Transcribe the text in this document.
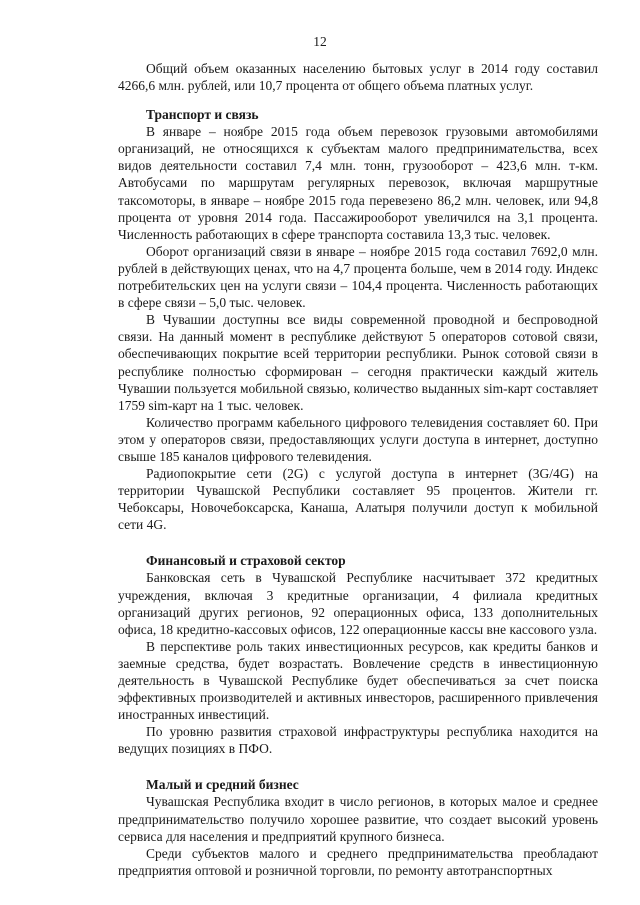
12

Общий объем оказанных населению бытовых услуг в 2014 году составил 4266,6 млн. рублей, или 10,7 процента от общего объема платных услуг.

Транспорт и связь

В январе – ноябре 2015 года объем перевозок грузовыми автомобилями организаций, не относящихся к субъектам малого предпринимательства, всех видов деятельности составил 7,4 млн. тонн, грузооборот – 423,6 млн. т-км. Автобусами по маршрутам регулярных перевозок, включая маршрутные таксомоторы, в январе – ноябре 2015 года перевезено 86,2 млн. человек, или 94,8 процента от уровня 2014 года. Пассажирооборот увеличился на 3,1 процента. Численность работающих в сфере транспорта составила 13,3 тыс. человек.

Оборот организаций связи в январе – ноябре 2015 года составил 7692,0 млн. рублей в действующих ценах, что на 4,7 процента больше, чем в 2014 году. Индекс потребительских цен на услуги связи – 104,4 процента. Численность работающих в сфере связи – 5,0 тыс. человек.

В Чувашии доступны все виды современной проводной и беспроводной связи. На данный момент в республике действуют 5 операторов сотовой связи, обеспечивающих покрытие всей территории республики. Рынок сотовой связи в республике полностью сформирован – сегодня практически каждый житель Чувашии пользуется мобильной связью, количество выданных sim-карт составляет 1759 sim-карт на 1 тыс. человек.

Количество программ кабельного цифрового телевидения составляет 60. При этом у операторов связи, предоставляющих услуги доступа в интернет, доступно свыше 185 каналов цифрового телевидения.

Радиопокрытие сети (2G) с услугой доступа в интернет (3G/4G) на территории Чувашской Республики составляет 95 процентов. Жители гг. Чебоксары, Новочебоксарска, Канаша, Алатыря получили доступ к мобильной сети 4G.

Финансовый и страховой сектор

Банковская сеть в Чувашской Республике насчитывает 372 кредитных учреждения, включая 3 кредитные организации, 4 филиала кредитных организаций других регионов, 92 операционных офиса, 133 дополнительных офиса, 18 кредитно-кассовых офисов, 122 операционные кассы вне кассового узла.

В перспективе роль таких инвестиционных ресурсов, как кредиты банков и заемные средства, будет возрастать. Вовлечение средств в инвестиционную деятельность в Чувашской Республике будет обеспечиваться за счет поиска эффективных производителей и активных инвесторов, расширенного привлечения иностранных инвестиций.

По уровню развития страховой инфраструктуры республика находится на ведущих позициях в ПФО.

Малый и средний бизнес

Чувашская Республика входит в число регионов, в которых малое и среднее предпринимательство получило хорошее развитие, что создает высокий уровень сервиса для населения и предприятий крупного бизнеса.

Среди субъектов малого и среднего предпринимательства преобладают предприятия оптовой и розничной торговли, по ремонту автотранспортных
